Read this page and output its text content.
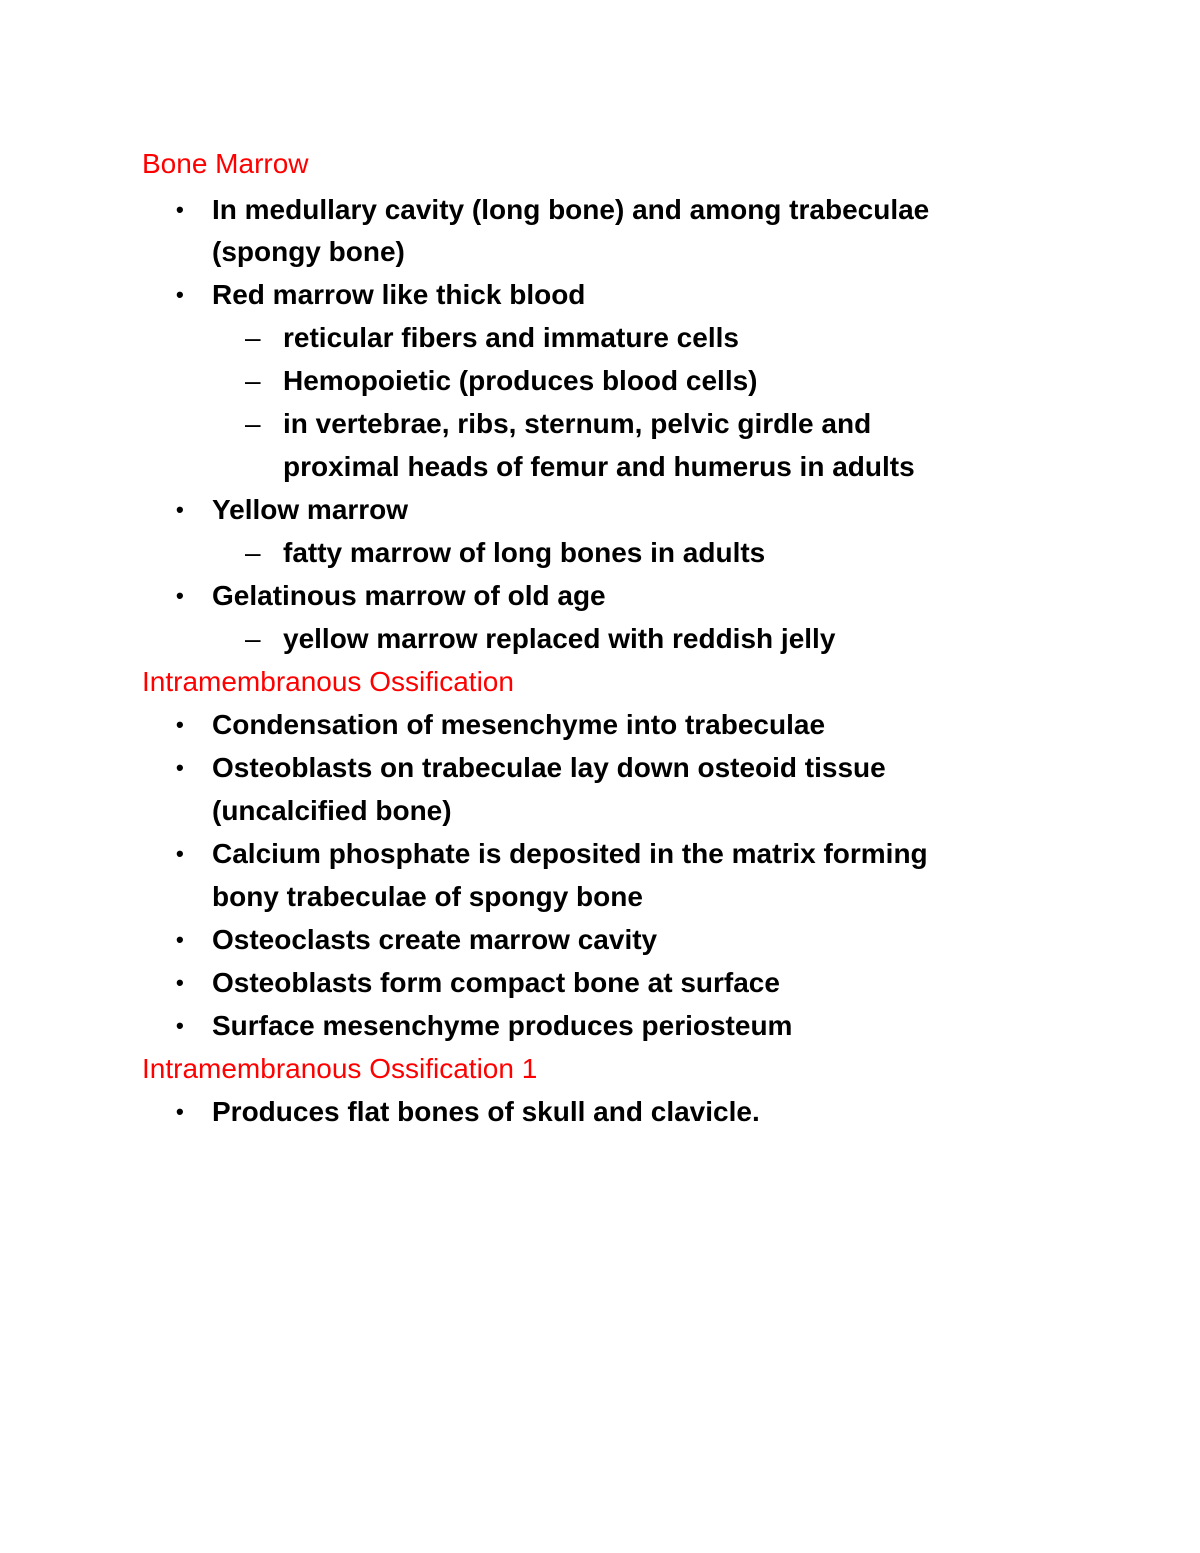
Bone Marrow
• In medullary cavity (long bone) and among trabeculae
(spongy bone)
• Red marrow like thick blood
– reticular fibers and immature cells
– Hemopoietic (produces blood cells)
– in vertebrae, ribs, sternum, pelvic girdle and
proximal heads of femur and humerus in adults
• Yellow marrow
– fatty marrow of long bones in adults
• Gelatinous marrow of old age
– yellow marrow replaced with reddish jelly
Intramembranous Ossification
• Condensation of mesenchyme into trabeculae
• Osteoblasts on trabeculae lay down osteoid tissue
(uncalcified bone)
• Calcium phosphate is deposited in the matrix forming
bony trabeculae of spongy bone
• Osteoclasts create marrow cavity
• Osteoblasts form compact bone at surface
• Surface mesenchyme produces periosteum
Intramembranous Ossification 1
• Produces flat bones of skull and clavicle.
